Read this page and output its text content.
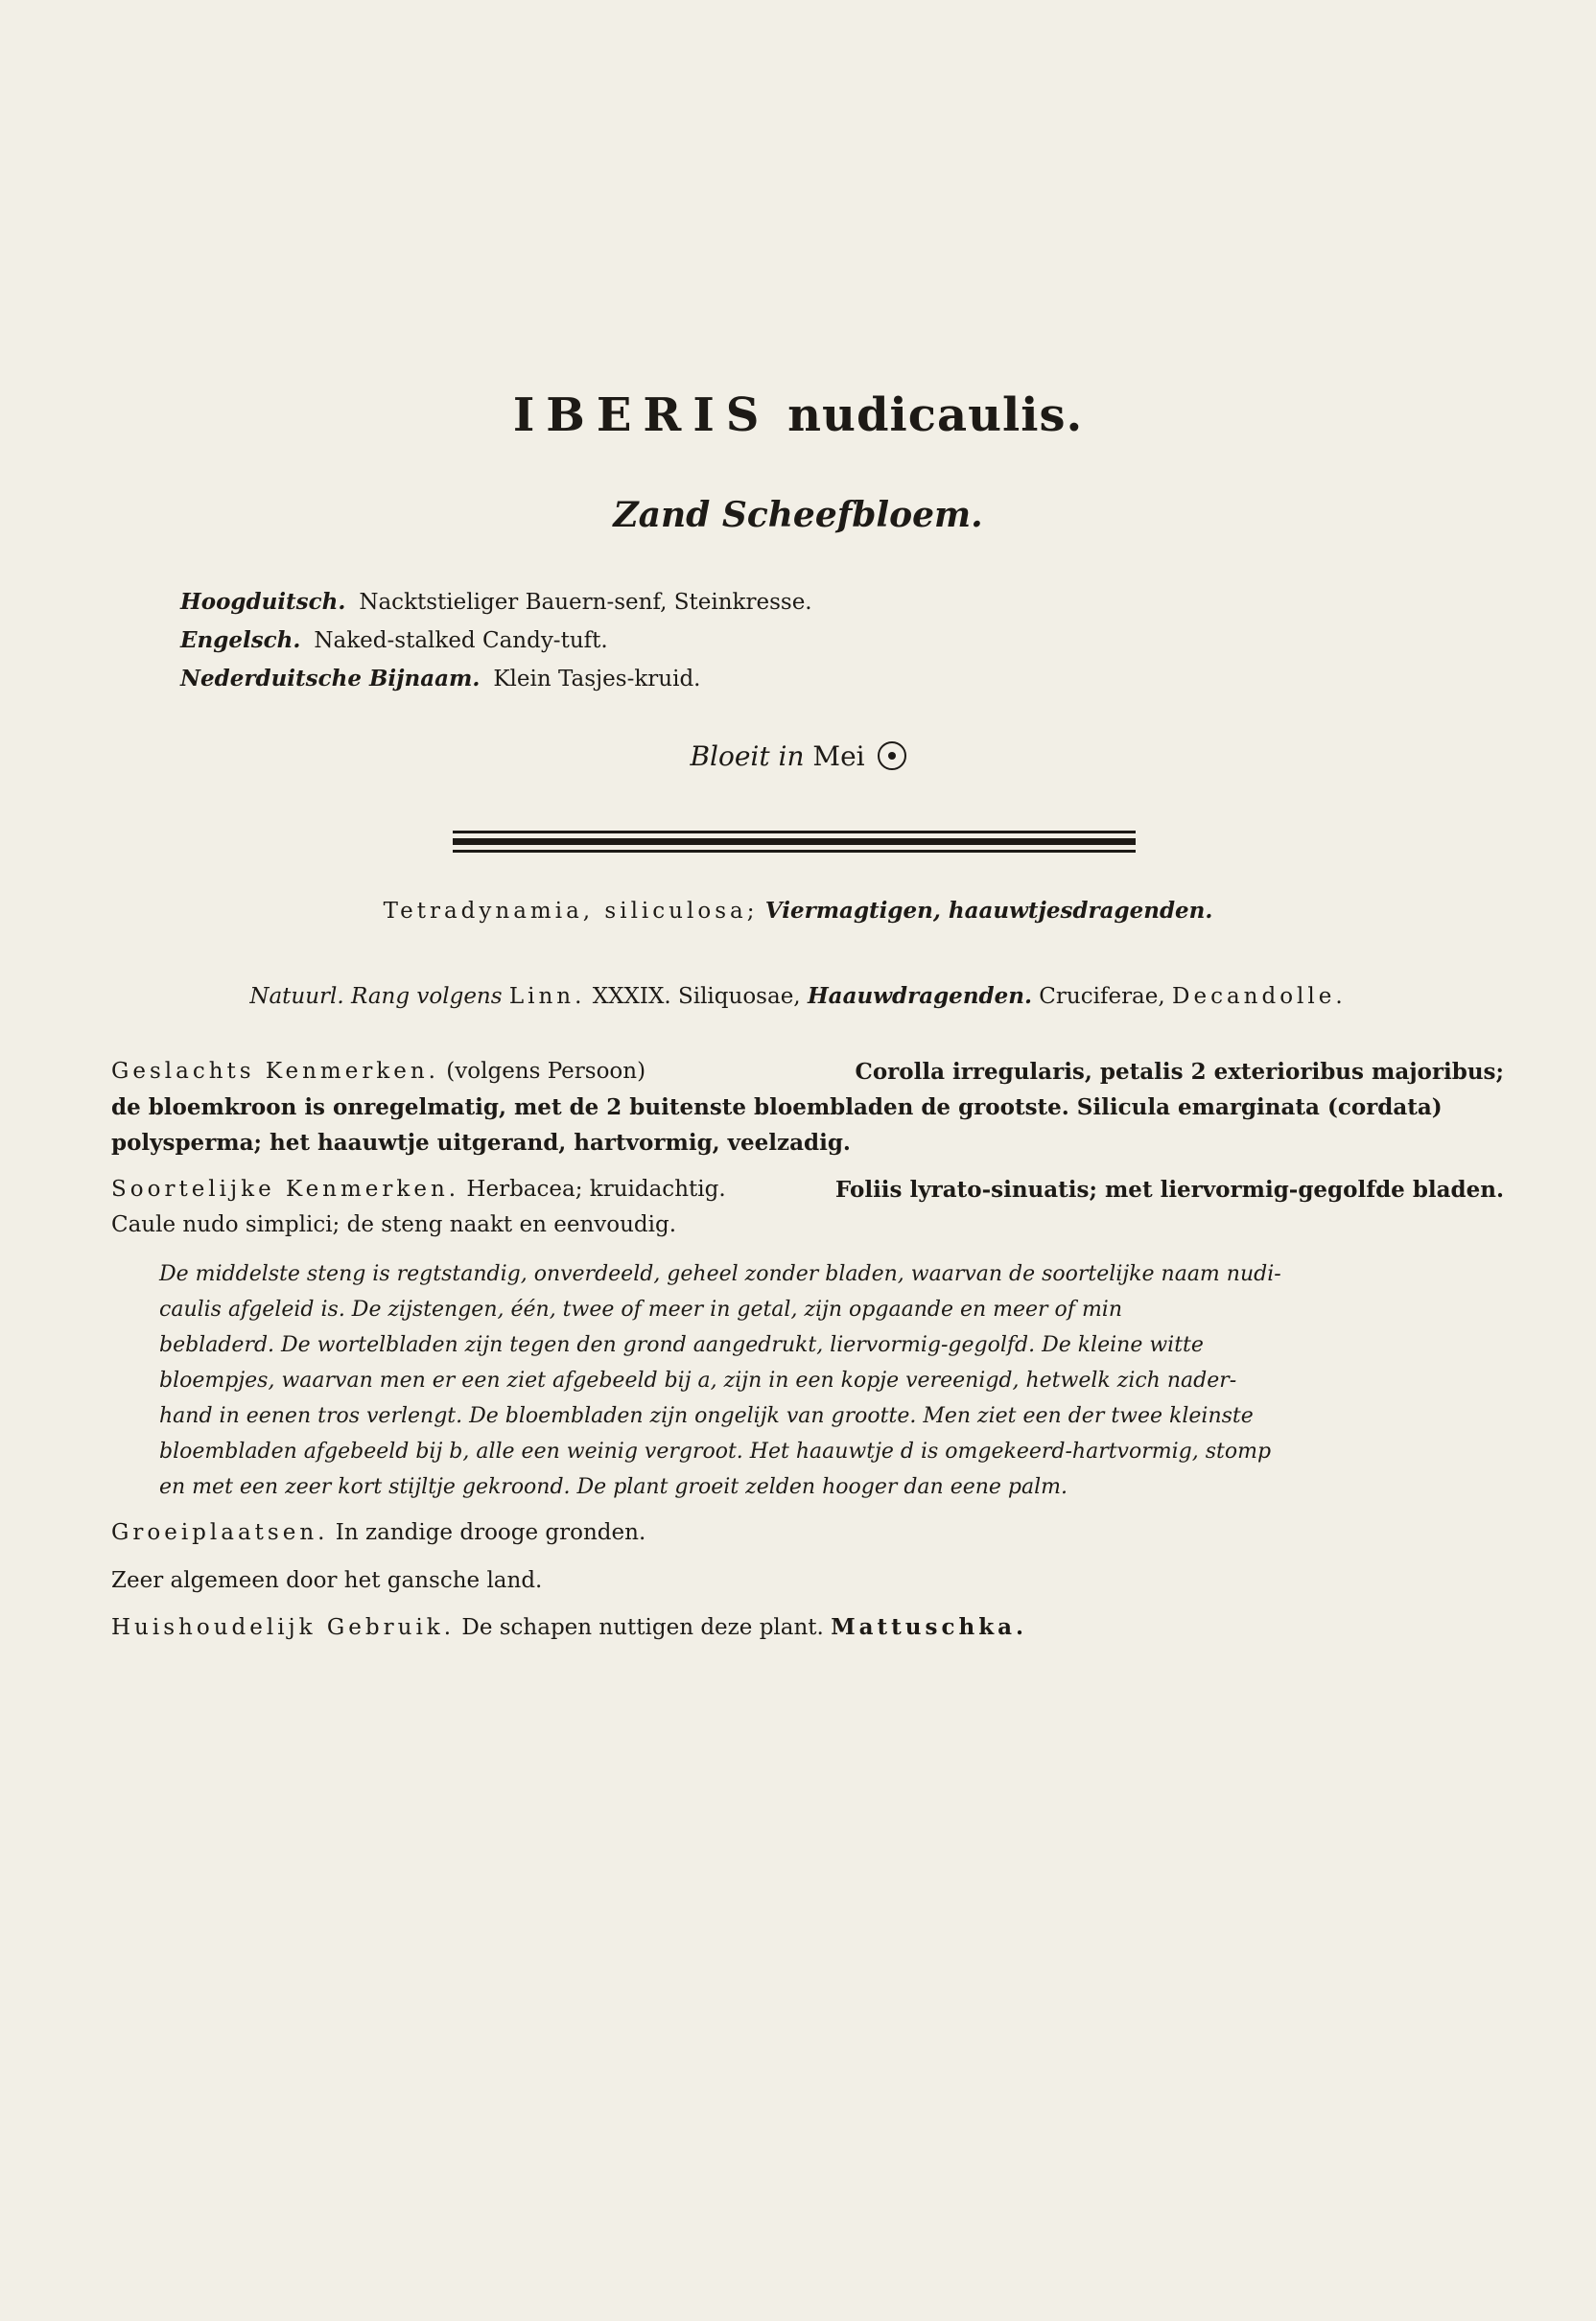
IBERIS nudicaulis.
Zand Scheefbloem.
Hoogduitsch. Nacktstieliger Bauern-senf, Steinkresse.
Engelsch. Naked-stalked Candy-tuft.
Nederduitsche Bijnaam. Klein Tasjes-kruid.
Bloeit in Mei
Tetradynamia, siliculosa; Viermagtigen, haauwtjesdragenden.
Natuurl. Rang volgens Linn. XXXIX. Siliquosae, Haauwdragenden. Cruciferae, Decandolle.
Geslachts Kenmerken. (volgens Persoon)	Corolla irregularis, petalis 2 exterioribus majoribus;
de bloemkroon is onregelmatig, met de 2 buitenste bloembladen de grootste. Silicula emarginata (cordata)
polysperma; het haauwtje uitgerand, hartvormig, veelzadig.
Soortelijke Kenmerken. Herbacea; kruidachtig.	Foliis lyrato-sinuatis; met liervormig-gegolfde bladen.
Caule nudo simplici; de steng naakt en eenvoudig.
De middelste steng is regtstandig, onverdeeld, geheel zonder bladen, waarvan de soortelijke naam nudi-
caulis afgeleid is. De zijstengen, één, twee of meer in getal, zijn opgaande en meer of min
bebladerd. De wortelbladen zijn tegen den grond aangedrukt, liervormig-gegolfd. De kleine witte
bloempjes, waarvan men er een ziet afgebeeld bij a, zijn in een kopje vereenigd, hetwelk zich nader-
hand in eenen tros verlengt. De bloembladen zijn ongelijk van grootte. Men ziet een der twee kleinste
bloembladen afgebeeld bij b, alle een weinig vergroot. Het haauwtje d is omgekeerd-hartvormig, stomp
en met een zeer kort stijltje gekroond. De plant groeit zelden hooger dan eene palm.
Groeiplaatsen. In zandige drooge gronden.
Zeer algemeen door het gansche land.
Huishoudelijk Gebruik. De schapen nuttigen deze plant. Mattuschka.
